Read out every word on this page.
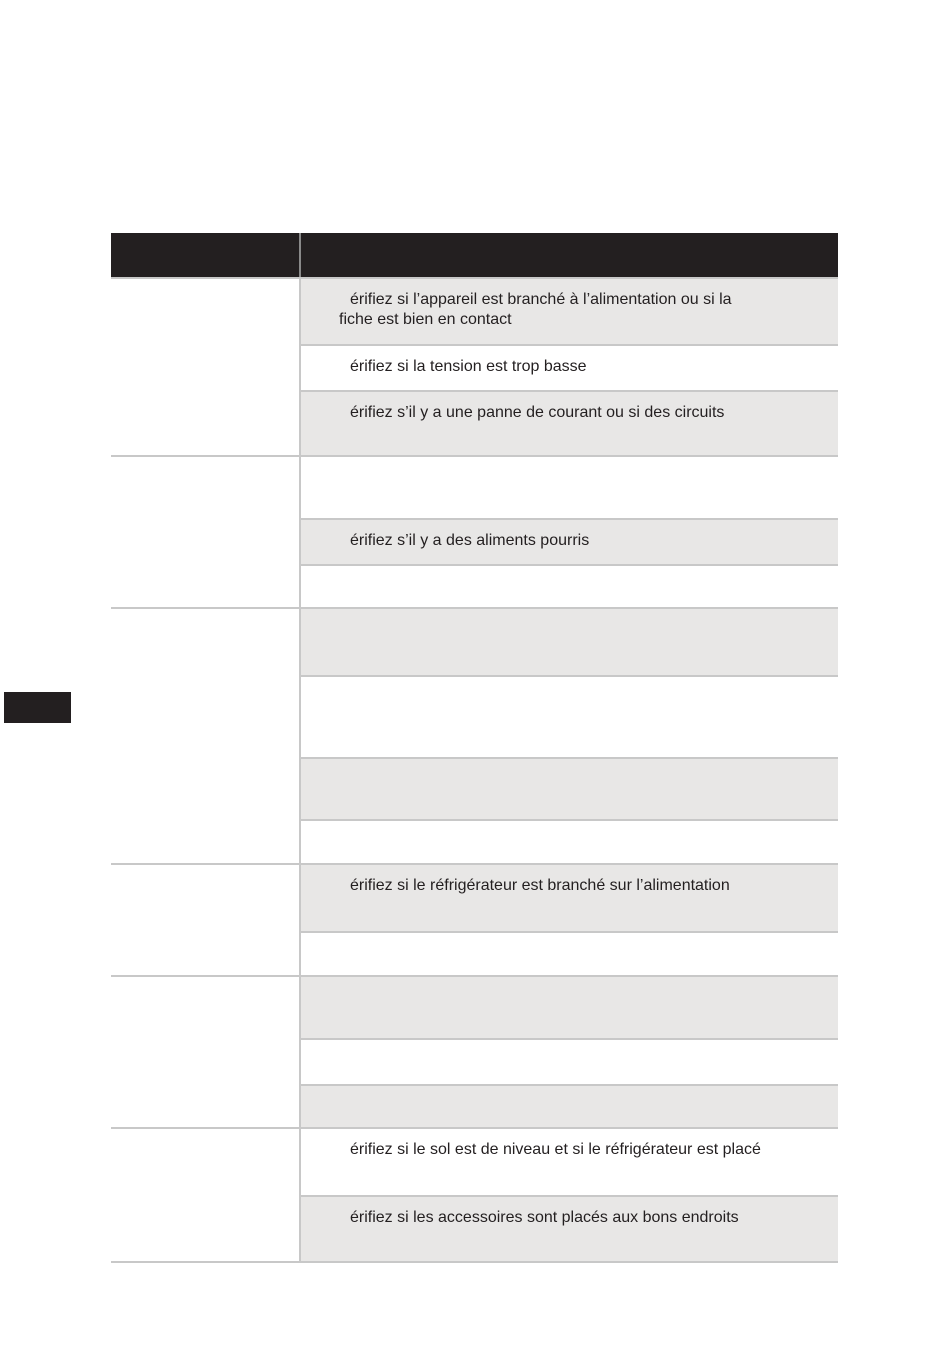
érifiez si l’appareil est branché à l’alimentation ou si la
fiche est bien en contact
érifiez si la tension est trop basse
érifiez s’il y a une panne de courant ou si des circuits
érifiez s’il y a des aliments pourris
érifiez si le réfrigérateur est branché sur l’alimentation
érifiez si le sol est de niveau et si le réfrigérateur est placé
érifiez si les accessoires sont placés aux bons endroits
